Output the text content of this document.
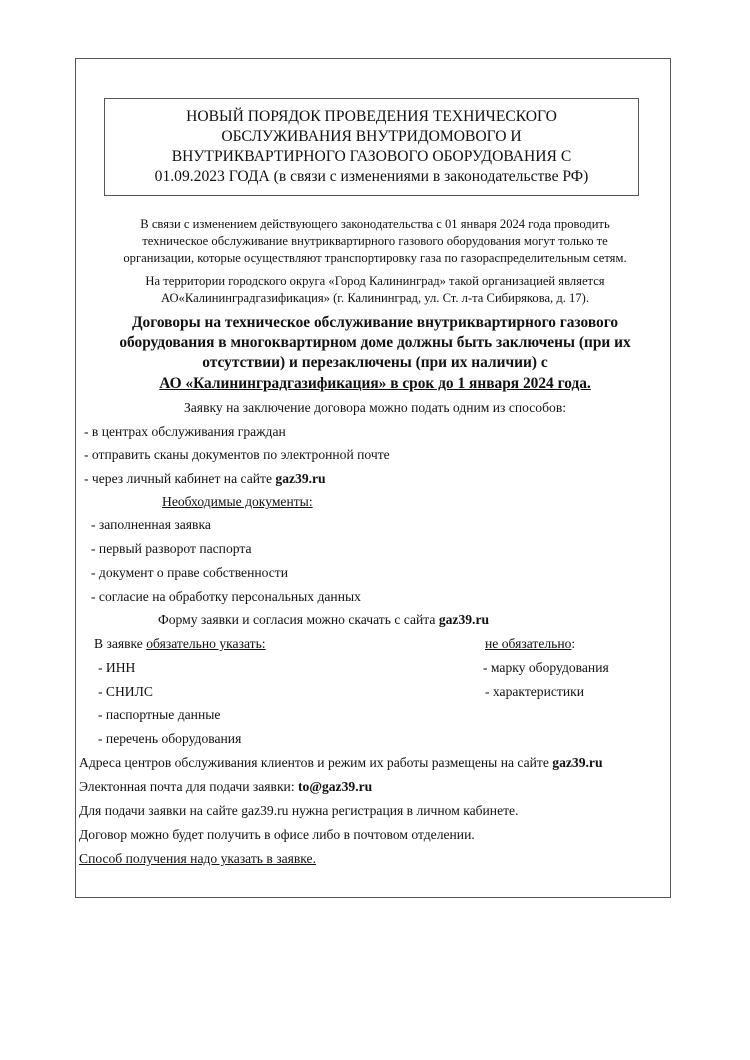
НОВЫЙ ПОРЯДОК ПРОВЕДЕНИЯ ТЕХНИЧЕСКОГО
ОБСЛУЖИВАНИЯ ВНУТРИДОМОВОГО И
ВНУТРИКВАРТИРНОГО ГАЗОВОГО ОБОРУДОВАНИЯ С
01.09.2023 ГОДА (в связи с изменениями в законодательстве РФ)
В связи с изменением действующего законодательства с 01 января 2024 года проводить
техническое обслуживание внутриквартирного газового оборудования могут только те
организации, которые осуществляют транспортировку газа по газораспределительным сетям.
На территории городского округа «Город Калининград» такой организацией является
АО«Калининградгазификация» (г. Калининград, ул. Ст. л-та Сибирякова, д. 17).
Договоры на техническое обслуживание внутриквартирного газового
оборудования в многоквартирном доме должны быть заключены (при их
отсутствии) и перезаключены (при их наличии) с
АО «Калининградгазификация» в срок до 1 января 2024 года.
Заявку на заключение договора можно подать одним из способов:
- в центрах обслуживания граждан
- отправить сканы документов по электронной почте
- через личный кабинет на сайте gaz39.ru
Необходимые документы:
- заполненная заявка
- первый разворот паспорта
- документ о праве собственности
- согласие на обработку персональных данных
Форму заявки и согласия можно скачать с сайта gaz39.ru
В заявке обязательно указать:	не обязательно:
- ИНН	- марку оборудования
- СНИЛС	- характеристики
- паспортные данные
- перечень оборудования
Адреса центров обслуживания клиентов и режим их работы размещены на сайте gaz39.ru
Электонная почта для подачи заявки: to@gaz39.ru
Для подачи заявки на сайте gaz39.ru нужна регистрация в личном кабинете.
Договор можно будет получить в офисе либо в почтовом отделении.
Способ получения надо указать в заявке.
